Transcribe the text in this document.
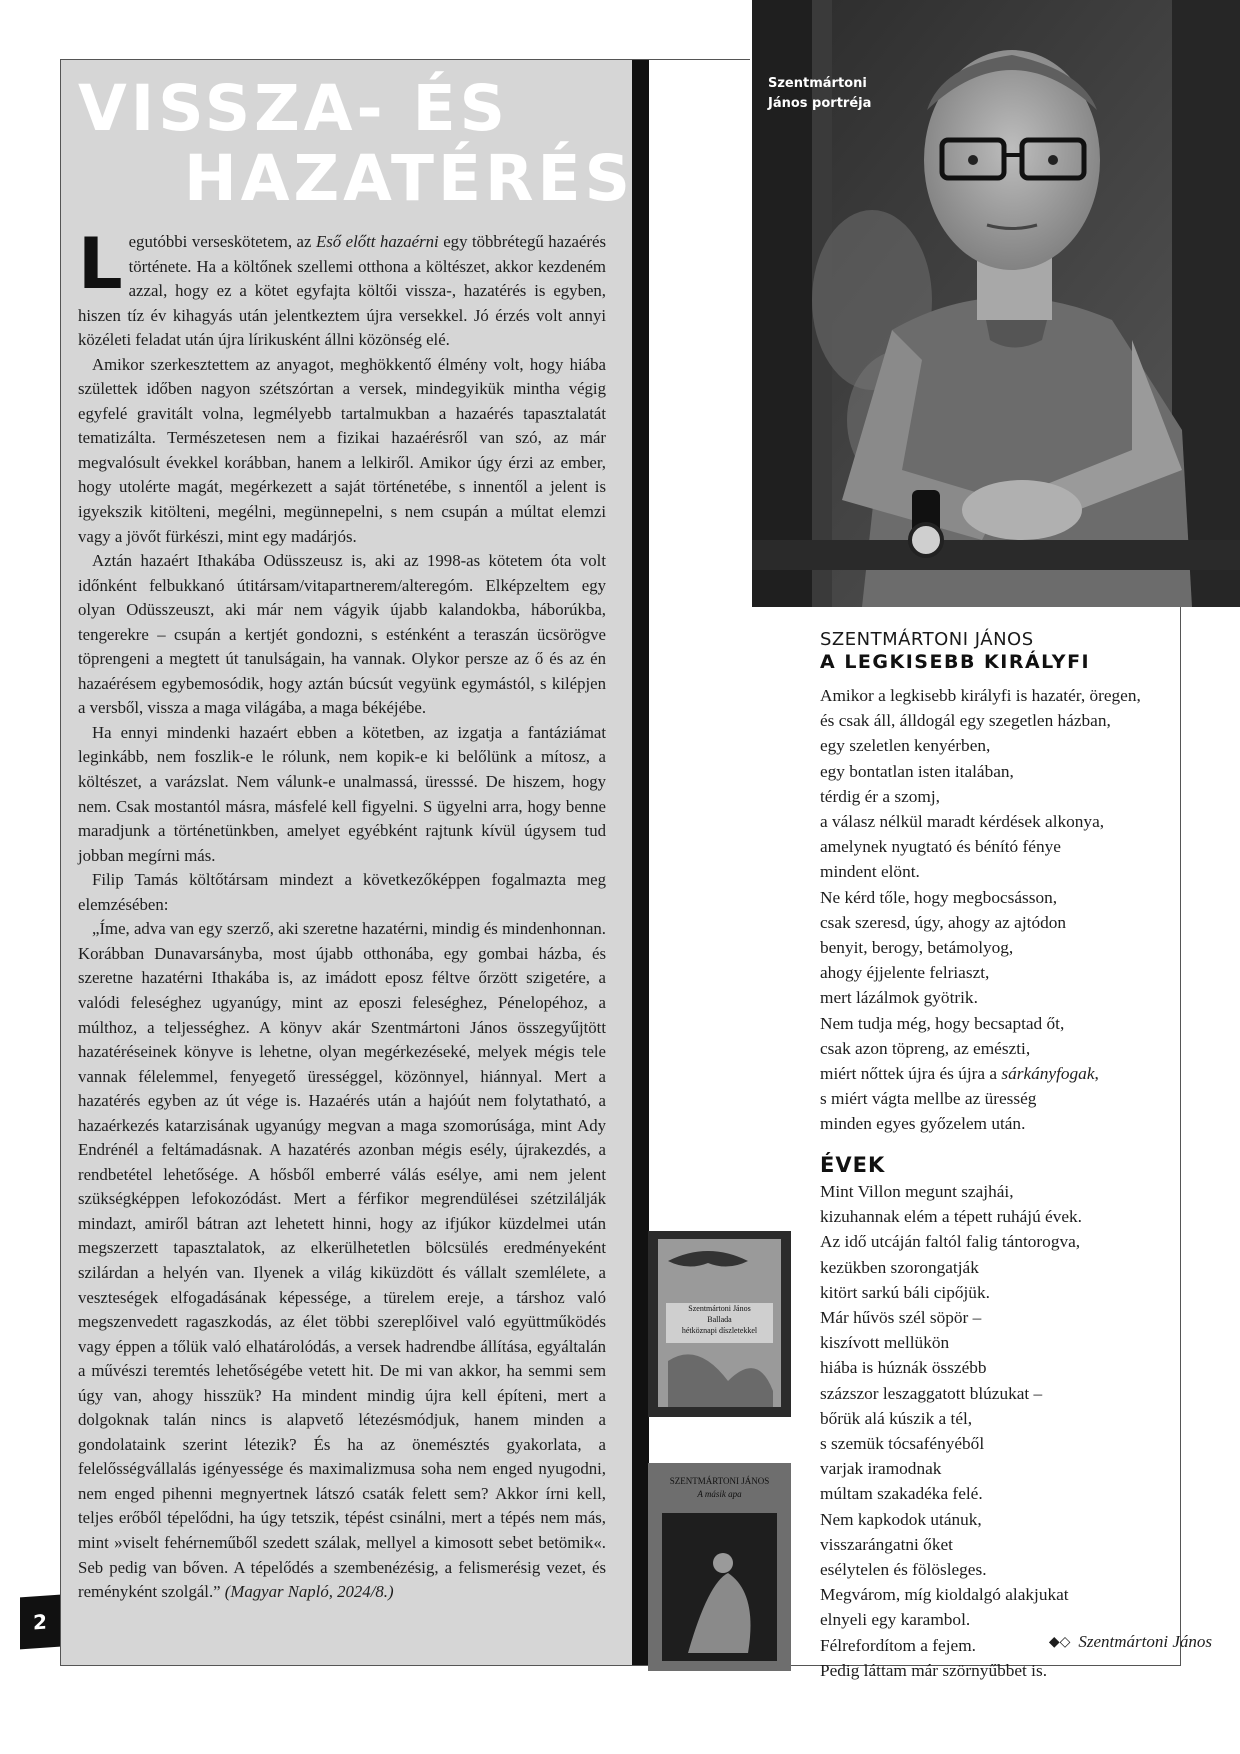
VISSZA- ÉS
HAZATÉRÉS

Legutóbbi verseskötetem, az Eső előtt hazaérni egy többrétegű hazaérés története. Ha a költőnek szellemi otthona a költészet, akkor kezdeném azzal, hogy ez a kötet egyfajta költői vissza-, hazatérés is egyben, hiszen tíz év kihagyás után jelentkeztem újra versekkel. Jó érzés volt annyi közéleti feladat után újra lírikusként állni közönség elé.

Amikor szerkesztettem az anyagot, meghökkentő élmény volt, hogy hiába születtek időben nagyon szétszórtan a versek, mindegyikük mintha végig egyfelé gravitált volna, legmélyebb tartalmukban a hazaérés tapasztalatát tematizálta. Természetesen nem a fizikai hazaérésről van szó, az már megvalósult évekkel korábban, hanem a lelkiről. Amikor úgy érzi az ember, hogy utolérte magát, megérkezett a saját történetébe, s innentől a jelent is igyekszik kitölteni, megélni, megünnepelni, s nem csupán a múltat elemzi vagy a jövőt fürkészi, mint egy madárjós.

Aztán hazaért Ithakába Odüsszeusz is, aki az 1998-as kötetem óta volt időnként felbukkanó útitársam/vitapartnerem/alteregóm. Elképzeltem egy olyan Odüsszeuszt, aki már nem vágyik újabb kalandokba, háborúkba, tengerekre – csupán a kertjét gondozni, s esténként a teraszán ücsörögve töprengeni a megtett út tanulságain, ha vannak. Olykor persze az ő és az én hazaérésem egybemosódik, hogy aztán búcsút vegyünk egymástól, s kilépjen a versből, vissza a maga világába, a maga békéjébe.

Ha ennyi mindenki hazaért ebben a kötetben, az izgatja a fantáziámat leginkább, nem foszlik-e le rólunk, nem kopik-e ki belőlünk a mítosz, a költészet, a varázslat. Nem válunk-e unalmassá, üresssé. De hiszem, hogy nem. Csak mostantól másra, másfelé kell figyelni. S ügyelni arra, hogy benne maradjunk a történetünkben, amelyet egyébként rajtunk kívül úgysem tud jobban megírni más.

Filip Tamás költőtársam mindezt a következőképpen fogalmazta meg elemzésében:

„Íme, adva van egy szerző, aki szeretne hazatérni, mindig és mindenhonnan. Korábban Dunavarsányba, most újabb otthonába, egy gombai házba, és szeretne hazatérni Ithakába is, az imádott eposz féltve őrzött szigetére, a valódi feleséghez ugyanúgy, mint az eposzi feleséghez, Pénelopéhoz, a múlthoz, a teljességhez. A könyv akár Szentmártoni János összegyűjtött hazatéréseinek könyve is lehetne, olyan megérkezéseké, melyek mégis tele vannak félelemmel, fenyegető ürességgel, közönnyel, hiánnyal. Mert a hazatérés egyben az út vége is. Hazaérés után a hajóút nem folytatható, a hazaérkezés katarzisának ugyanúgy megvan a maga szomorúsága, mint Ady Endrénél a feltámadásnak. A hazatérés azonban mégis esély, újrakezdés, a rendbetétel lehetősége. A hősből emberré válás esélye, ami nem jelent szükségképpen lefokozódást. Mert a férfikor megrendülései szétzilálják mindazt, amiről bátran azt lehetett hinni, hogy az ifjúkor küzdelmei után megszerzett tapasztalatok, az elkerülhetetlen bölcsülés eredményeként szilárdan a helyén van. Ilyenek a világ kiküzdött és vállalt szemlélete, a veszteségek elfogadásának képessége, a türelem ereje, a társhoz való megszenvedett ragaszkodás, az élet többi szereplőivel való együttműködés vagy éppen a tőlük való elhatárolódás, a versek hadrendbe állítása, egyáltalán a művészi teremtés lehetőségébe vetett hit. De mi van akkor, ha semmi sem úgy van, ahogy hisszük? Ha mindent mindig újra kell építeni, mert a dolgoknak talán nincs is alapvető létezésmódjuk, hanem minden a gondolataink szerint létezik? És ha az önemésztés gyakorlata, a felelősségvállalás igényessége és maximalizmusa soha nem enged nyugodni, nem enged pihenni megnyertnek látszó csaták felett sem? Akkor írni kell, teljes erőből tépelődni, ha úgy tetszik, tépést csinálni, mert a tépés nem más, mint »viselt fehérneműből szedett szálak, mellyel a kimosott sebet betömik«. Seb pedig van bőven. A tépelődés a szembenézésig, a felismerésig vezet, és reményként szolgál.” (Magyar Napló, 2024/8.)

◆◇ Szentmártoni János
2
Szentmártoni
János portréja
SZENTMÁRTONI JÁNOS
A LEGKISEBB KIRÁLYFI
Amikor a legkisebb királyfi is hazatér, öregen,
és csak áll, álldogál egy szegetlen házban,
egy szeletlen kenyérben,
egy bontatlan isten italában,
térdig ér a szomj,
a válasz nélkül maradt kérdések alkonya,
amelynek nyugtató és bénító fénye
mindent elönt.
Ne kérd tőle, hogy megbocsásson,
csak szeresd, úgy, ahogy az ajtódon
benyit, berogy, betámolyog,
ahogy éjjelente felriaszt,
mert lázálmok gyötrik.
Nem tudja még, hogy becsaptad őt,
csak azon töpreng, az emészti,
miért nőttek újra és újra a sárkányfogak,
s miért vágta mellbe az üresség
minden egyes győzelem után.
ÉVEK
Mint Villon megunt szajhái,
kizuhannak elém a tépett ruhájú évek.
Az idő utcáján faltól falig tántorogva,
kezükben szorongatják
kitört sarkú báli cipőjük.
Már hűvös szél söpör –
kiszívott mellükön
hiába is húznák összébb
százszor leszaggatott blúzukat –
bőrük alá kúszik a tél,
s szemük tócsafényéből
varjak iramodnak
múltam szakadéka felé.
Nem kapkodok utánuk,
visszarángatni őket
esélytelen és fölösleges.
Megvárom, míg kioldalgó alakjukat
elnyeli egy karambol.
Félrefordítom a fejem.
Pedig láttam már szörnyűbbet is.
Szentmártoni János
Ballada
hétköznapi díszletekkel
SZENTMÁRTONI JÁNOS
A másik apa
